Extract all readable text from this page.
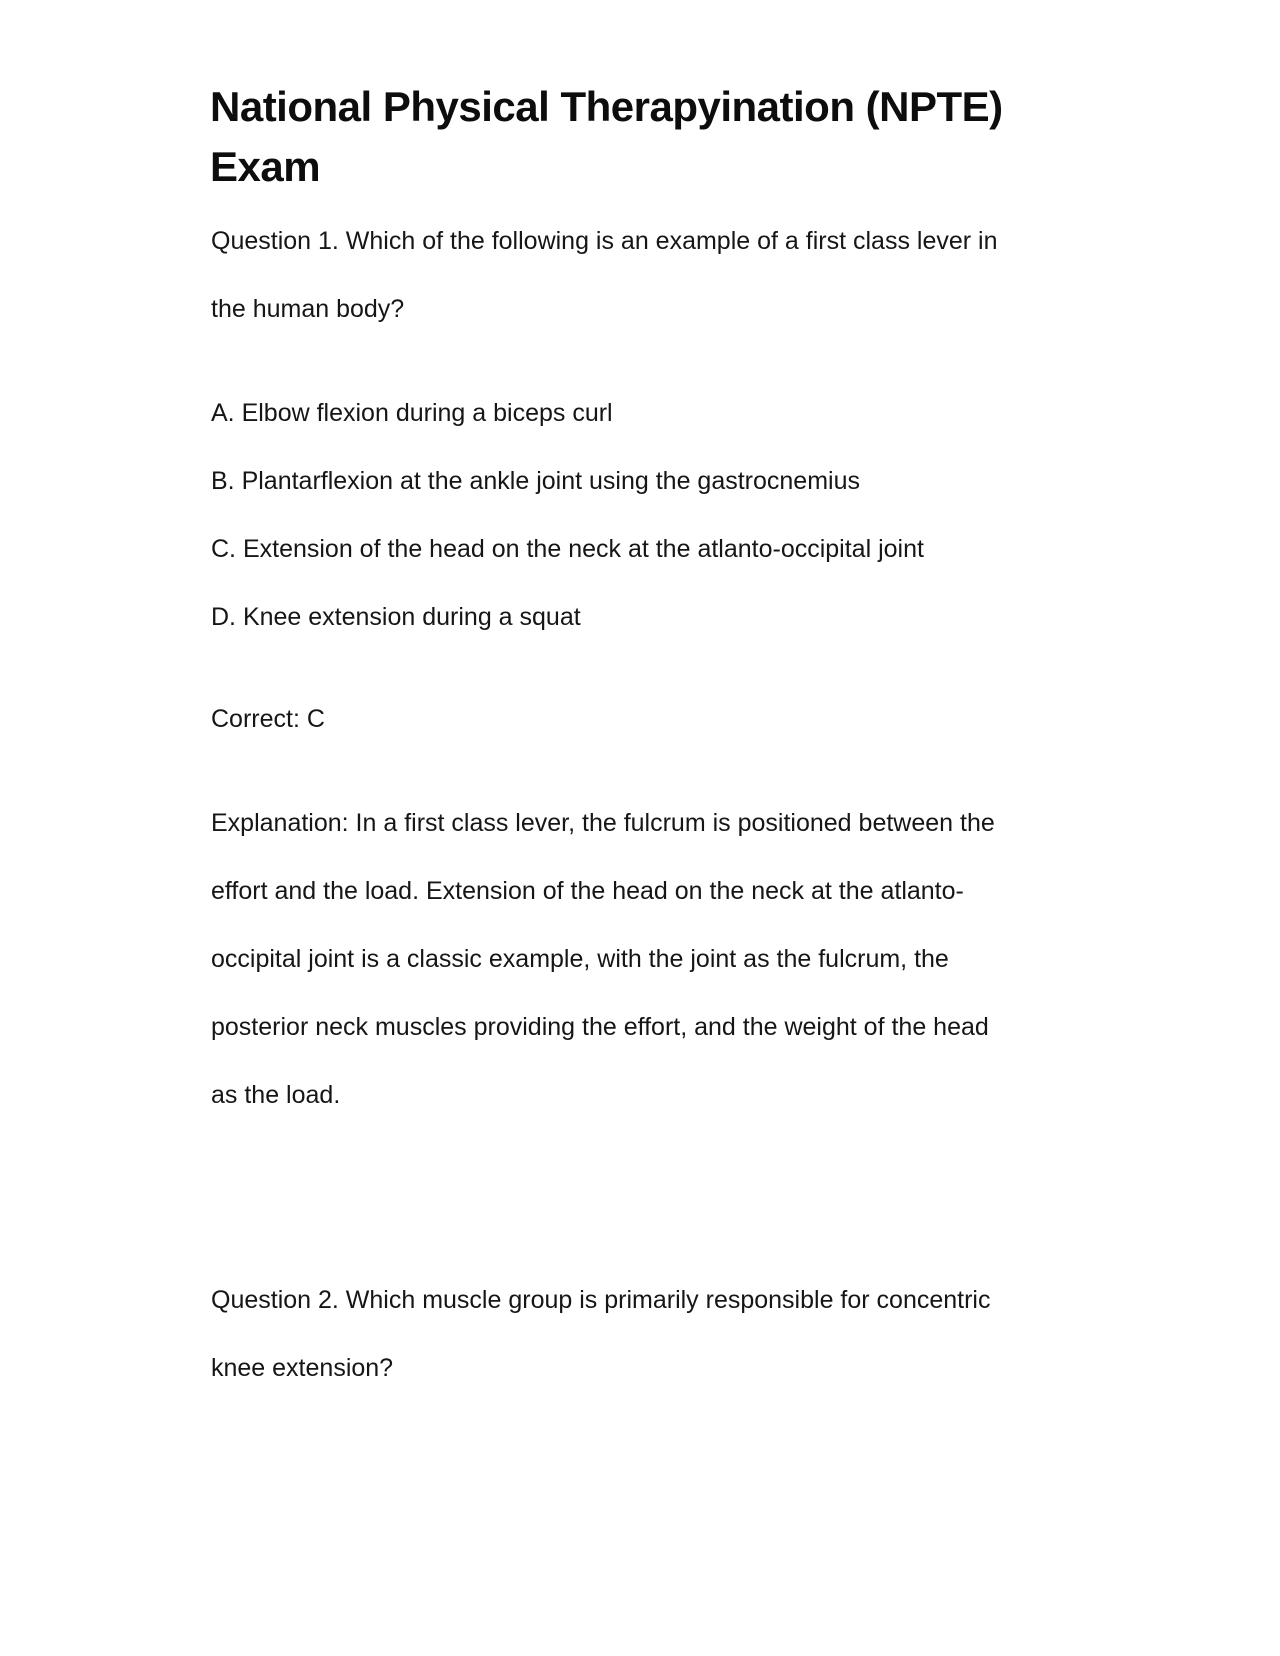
National Physical Therapyination (NPTE)
Exam

Question 1. Which of the following is an example of a first class lever in

the human body?

A. Elbow flexion during a biceps curl

B. Plantarflexion at the ankle joint using the gastrocnemius

C. Extension of the head on the neck at the atlanto-occipital joint

D. Knee extension during a squat

Correct: C

Explanation: In a first class lever, the fulcrum is positioned between the

effort and the load. Extension of the head on the neck at the atlanto-

occipital joint is a classic example, with the joint as the fulcrum, the

posterior neck muscles providing the effort, and the weight of the head

as the load.

Question 2. Which muscle group is primarily responsible for concentric

knee extension?
